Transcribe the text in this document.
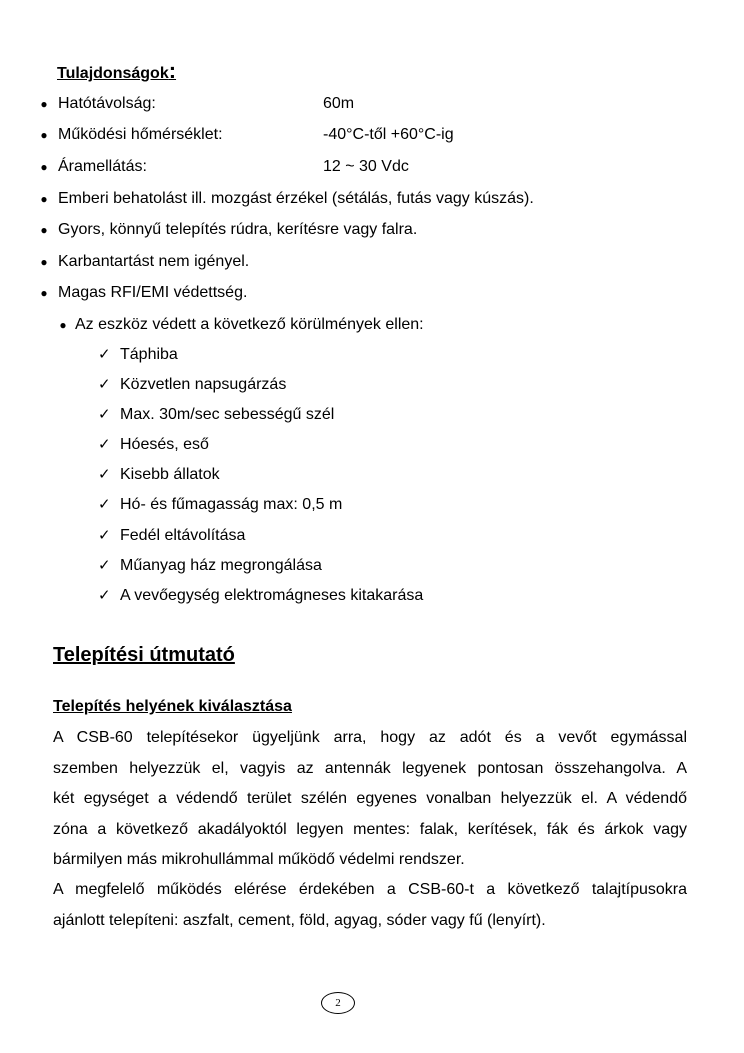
Tulajdonságok:
● Hatótávolság:	60m
● Működési hőmérséklet:	-40°C-től +60°C-ig
● Áramellátás:	12 ~ 30 Vdc
● Emberi behatolást ill. mozgást érzékel (sétálás, futás vagy kúszás).
● Gyors, könnyű telepítés rúdra, kerítésre vagy falra.
● Karbantartást nem igényel.
● Magas RFI/EMI védettség.
● Az eszköz védett a következő körülmények ellen:
✓ Táphiba
✓ Közvetlen napsugárzás
✓ Max. 30m/sec sebességű szél
✓ Hóesés, eső
✓ Kisebb állatok
✓ Hó- és fűmagasság max: 0,5 m
✓ Fedél eltávolítása
✓ Műanyag ház megrongálása
✓ A vevőegység elektromágneses kitakarása
Telepítési útmutató
Telepítés helyének kiválasztása
A CSB-60 telepítésekor ügyeljünk arra, hogy az adót és a vevőt egymással
szemben helyezzük el, vagyis az antennák legyenek pontosan összehangolva. A
két egységet a védendő terület szélén egyenes vonalban helyezzük el. A védendő
zóna a következő akadályoktól legyen mentes: falak, kerítések, fák és árkok vagy
bármilyen más mikrohullámmal működő védelmi rendszer.
A megfelelő működés elérése érdekében a CSB-60-t a következő talajtípusokra
ajánlott telepíteni: aszfalt, cement, föld, agyag, sóder vagy fű (lenyírt).
2
